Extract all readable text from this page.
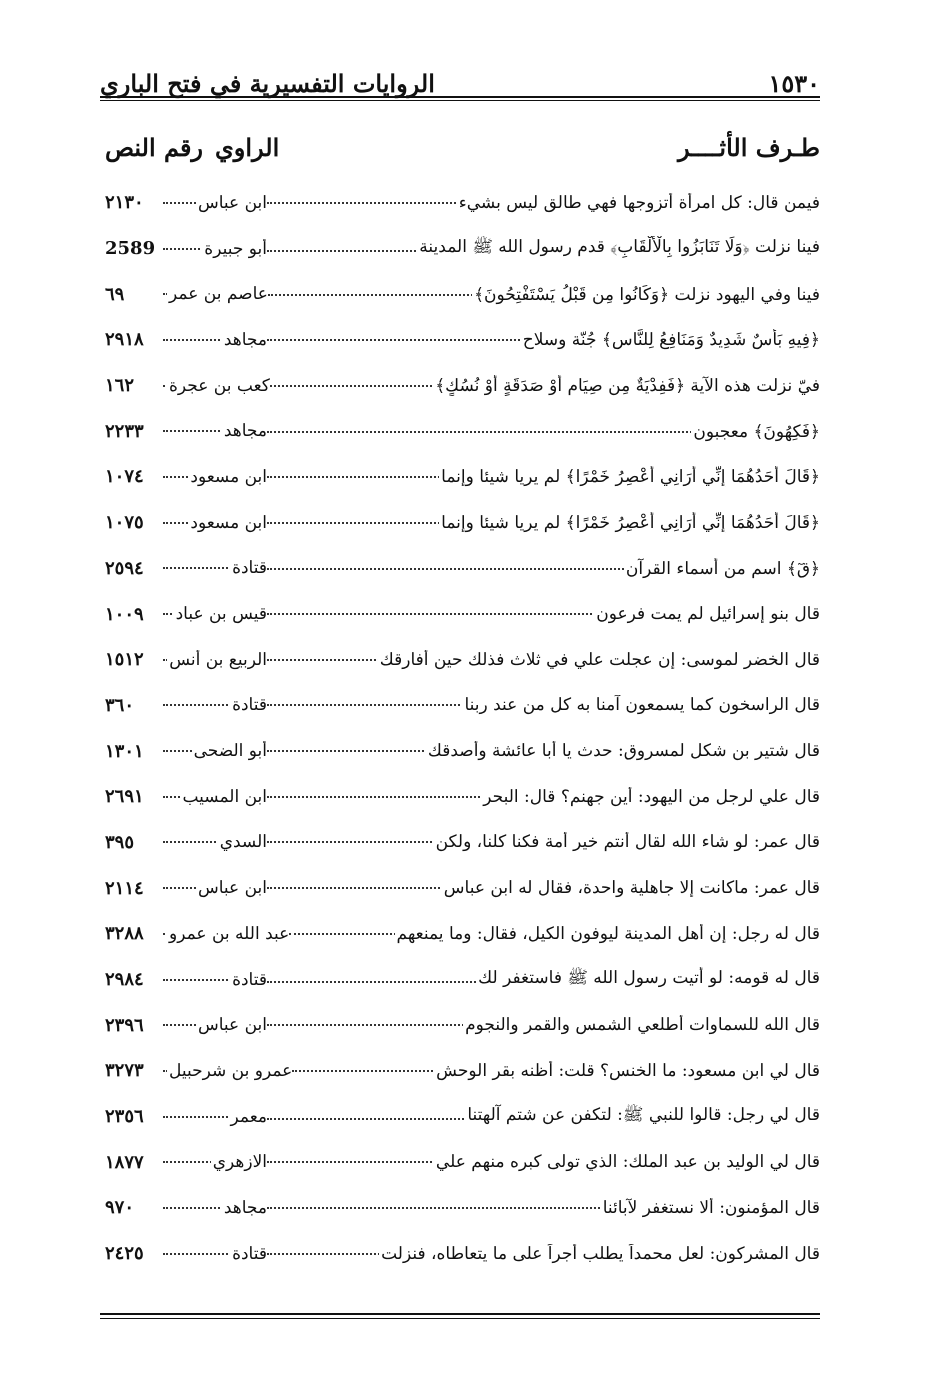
١٥٣٠
الروايات التفسيرية في فتح الباري
طـرف الأثــــر
الراوي
رقم النص
فيمن قال: كل امرأة أتزوجها فهي طالق ليس بشيء
ابن عباس
٢١٣٠
فينا نزلت ﴿وَلَا تَنَابَزُوا بِالْأَلْقَابِ﴾ قدم رسول الله ﷺ المدينة
أبو جبيرة
2589
فينا وفي اليهود نزلت ﴿وَكَانُوا مِن قَبْلُ يَسْتَفْتِحُونَ﴾
عاصم بن عمر
٦٩
﴿فِيهِ بَأْسٌ شَدِيدٌ وَمَنَافِعُ لِلنَّاسِ﴾ جُنّة وسلاح
مجاهد
٢٩١٨
فيّ نزلت هذه الآية ﴿فَفِدْيَةٌ مِن صِيَامٍ أَوْ صَدَقَةٍ أَوْ نُسُكٍ﴾
كعب بن عجرة
١٦٢
﴿فَكِهُونَ﴾ معجبون
مجاهد
٢٢٣٣
﴿قَالَ أَحَدُهُمَا إِنِّي أَرَانِي أَعْصِرُ خَمْرًا﴾ لم يريا شيئا وإنما
ابن مسعود
١٠٧٤
﴿قَالَ أَحَدُهُمَا إِنِّي أَرَانِي أَعْصِرُ خَمْرًا﴾ لم يريا شيئا وإنما
ابن مسعود
١٠٧٥
﴿قٓ﴾ اسم من أسماء القرآن
قتادة
٢٥٩٤
قال بنو إسرائيل لم يمت فرعون
قيس بن عباد
١٠٠٩
قال الخضر لموسى: إن عجلت علي في ثلاث فذلك حين أفارقك
الربيع بن أنس
١٥١٢
قال الراسخون كما يسمعون آمنا به كل من عند ربنا
قتادة
٣٦٠
قال شتير بن شكل لمسروق: حدث يا أبا عائشة وأصدقك
أبو الضحى
١٣٠١
قال علي لرجل من اليهود: أين جهنم؟ قال: البحر
ابن المسيب
٢٦٩١
قال عمر: لو شاء الله لقال أنتم خير أمة فكنا كلنا، ولكن
السدي
٣٩٥
قال عمر: ماكانت إلا جاهلية واحدة، فقال له ابن عباس
ابن عباس
٢١١٤
قال له رجل: إن أهل المدينة ليوفون الكيل، فقال: وما يمنعهم
عبد الله بن عمرو
٣٢٨٨
قال له قومه: لو أتيت رسول الله ﷺ فاستغفر لك
قتادة
٢٩٨٤
قال الله للسماوات أطلعي الشمس والقمر والنجوم
ابن عباس
٢٣٩٦
قال لي ابن مسعود: ما الخنس؟ قلت: أظنه بقر الوحش
عمرو بن شرحبيل
٣٢٧٣
قال لي رجل: قالوا للنبي ﷺ: لتكفن عن شتم آلهتنا
معمر
٢٣٥٦
قال لي الوليد بن عبد الملك: الذي تولى كبره منهم علي
الازهري
١٨٧٧
قال المؤمنون: ألا نستغفر لآبائنا
مجاهد
٩٧٠
قال المشركون: لعل محمداً يطلب أجراً على ما يتعاطاه، فنزلت
قتادة
٢٤٢٥
